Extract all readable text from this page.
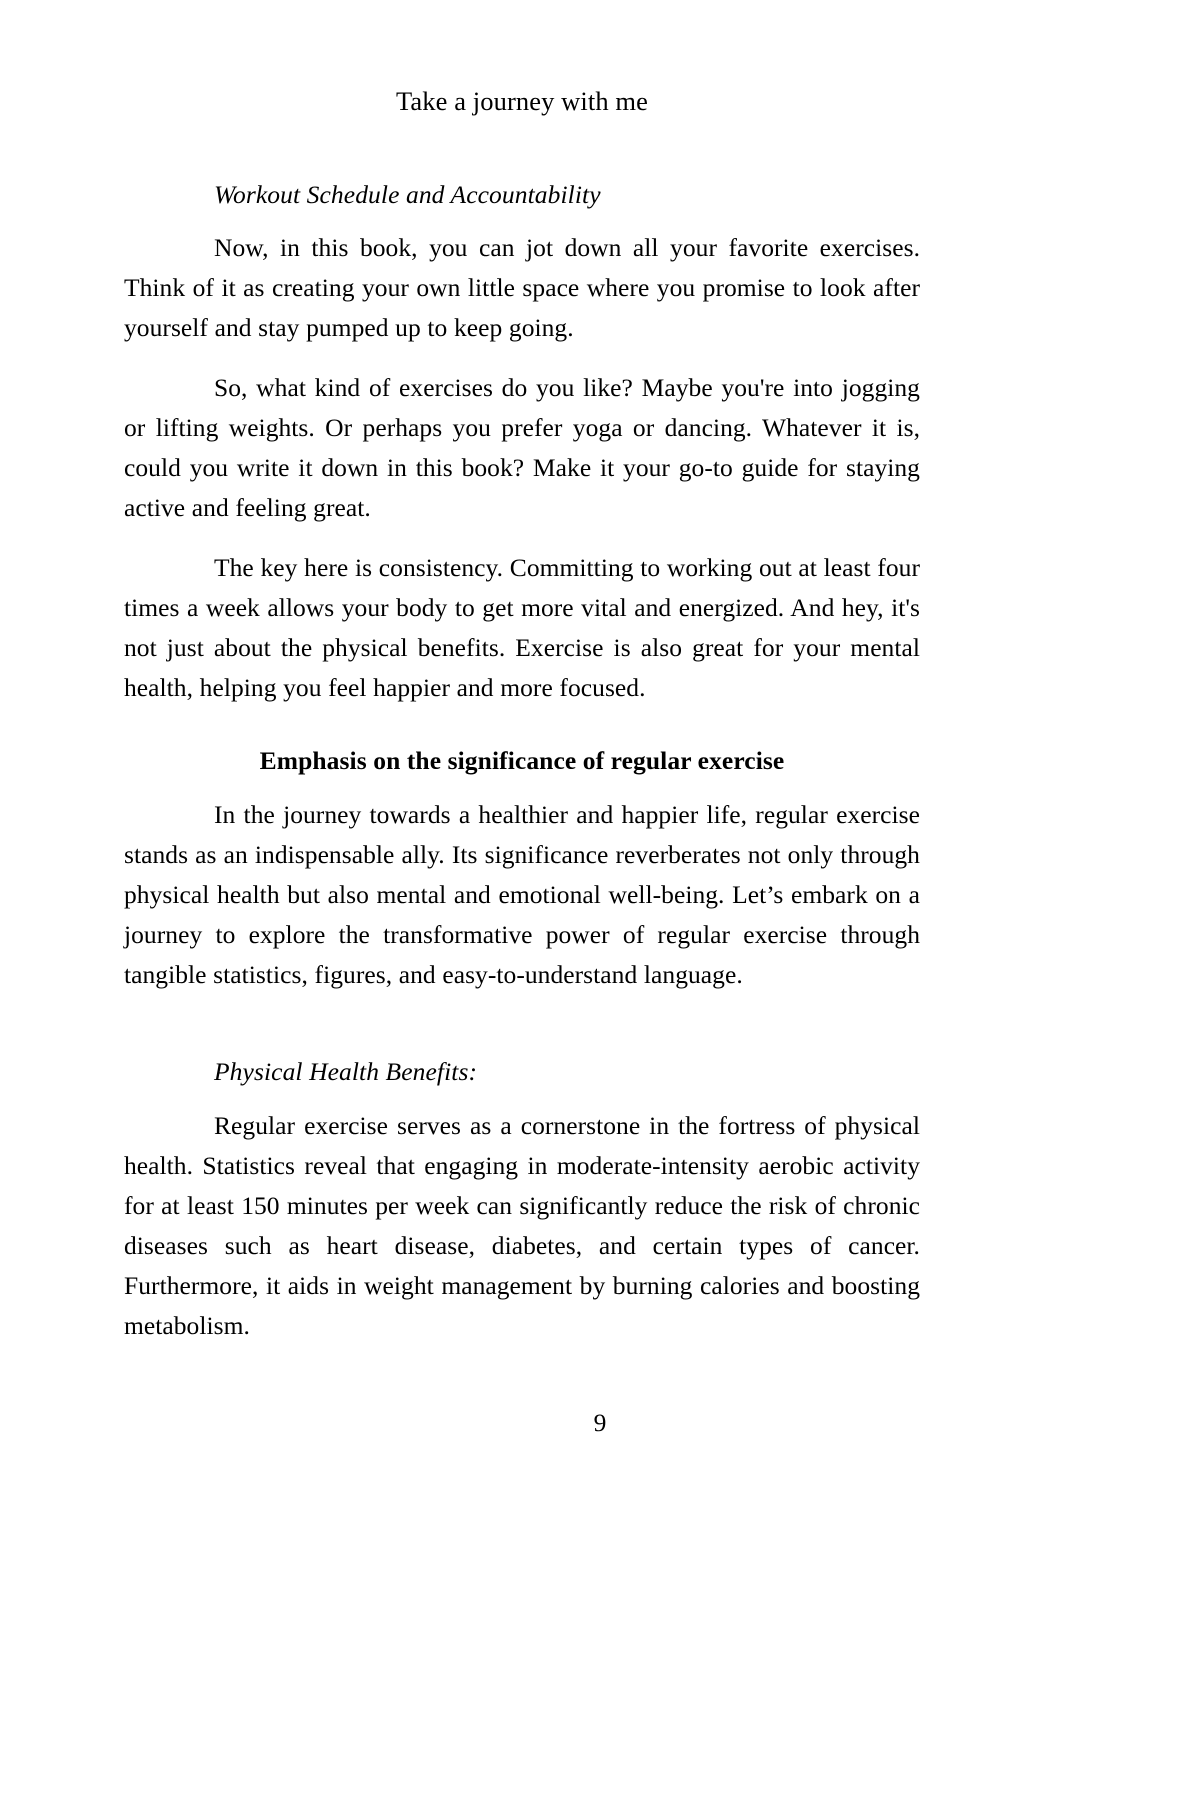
Take a journey with me
Workout Schedule and Accountability

Now, in this book, you can jot down all your favorite exercises. Think of it as creating your own little space where you promise to look after yourself and stay pumped up to keep going.

So, what kind of exercises do you like? Maybe you're into jogging or lifting weights. Or perhaps you prefer yoga or dancing. Whatever it is, could you write it down in this book? Make it your go-to guide for staying active and feeling great.

The key here is consistency. Committing to working out at least four times a week allows your body to get more vital and energized. And hey, it's not just about the physical benefits. Exercise is also great for your mental health, helping you feel happier and more focused.

Emphasis on the significance of regular exercise

In the journey towards a healthier and happier life, regular exercise stands as an indispensable ally. Its significance reverberates not only through physical health but also mental and emotional well-being. Let’s embark on a journey to explore the transformative power of regular exercise through tangible statistics, figures, and easy-to-understand language.

Physical Health Benefits:

Regular exercise serves as a cornerstone in the fortress of physical health. Statistics reveal that engaging in moderate-intensity aerobic activity for at least 150 minutes per week can significantly reduce the risk of chronic diseases such as heart disease, diabetes, and certain types of cancer. Furthermore, it aids in weight management by burning calories and boosting metabolism.

9
